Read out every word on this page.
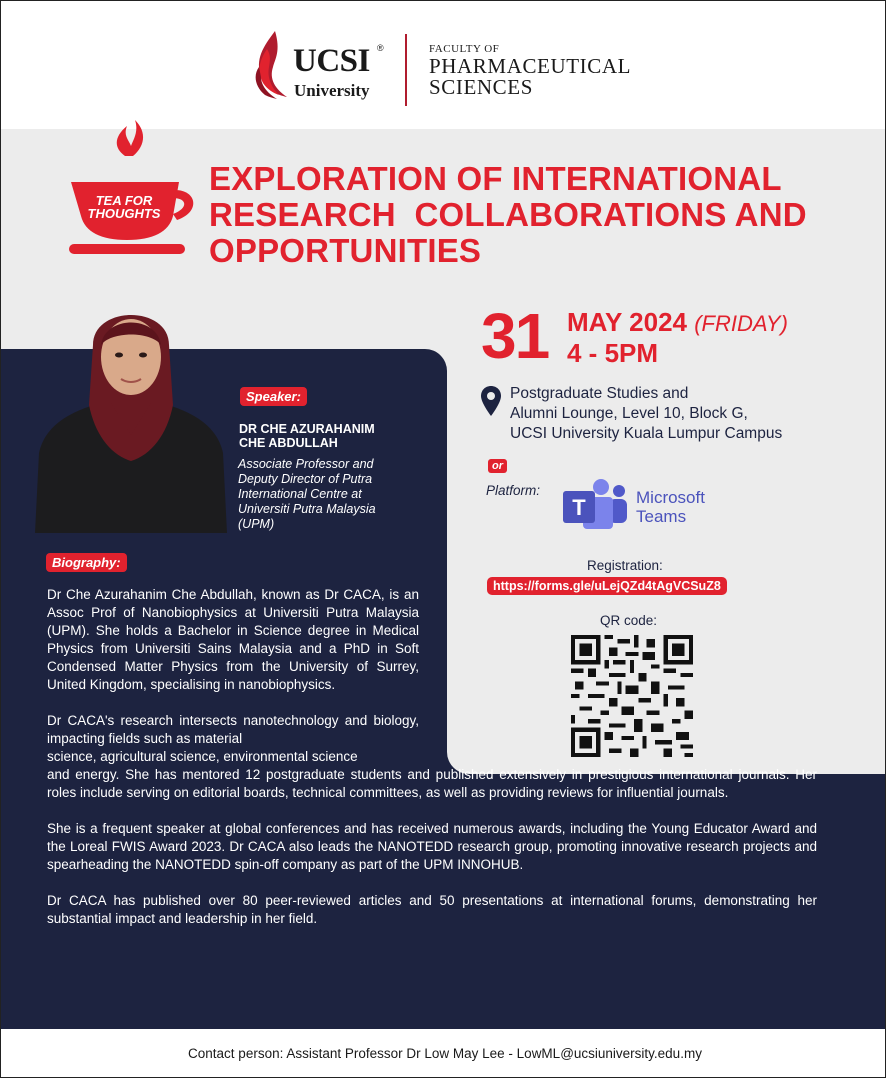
UCSI ®
University
FACULTY OF
PHARMACEUTICAL
SCIENCES
TEA FOR
THOUGHTS
EXPLORATION OF INTERNATIONAL
RESEARCH  COLLABORATIONS AND
OPPORTUNITIES
Speaker:
DR CHE AZURAHANIM
CHE ABDULLAH
Associate Professor and
Deputy Director of Putra
International Centre at
Universiti Putra Malaysia
(UPM)
Biography:

Dr Che Azurahanim Che Abdullah, known as Dr CACA, is an Assoc Prof of Nanobiophysics at Universiti Putra Malaysia (UPM). She holds a Bachelor in Science degree in Medical Physics from Universiti Sains Malaysia and a PhD in Soft Condensed Matter Physics from the University of Surrey, United Kingdom, specialising in nanobiophysics.

Dr CACA's research intersects nanotechnology and biology, impacting fields such as material

science, agricultural science, environmental science

and energy. She has mentored 12 postgraduate students and published extensively in prestigious international journals. Her roles include serving on editorial boards, technical committees, as well as providing reviews for influential journals.

She is a frequent speaker at global conferences and has received numerous awards, including the Young Educator Award and the Loreal FWIS Award 2023. Dr CACA also leads the NANOTEDD research group, promoting innovative research projects and spearheading the NANOTEDD spin-off company as part of the UPM INNOHUB.

Dr CACA has published over 80 peer-reviewed articles and 50 presentations at international forums, demonstrating her substantial impact and leadership in her field.

31 MAY 2024 (FRIDAY)
4 - 5PM
Postgraduate Studies and
Alumni Lounge, Level 10, Block G,
UCSI University Kuala Lumpur Campus
or
Platform:
T	Microsoft
Teams
Registration:
https://forms.gle/uLejQZd4tAgVCSuZ8
QR code:
Contact person: Assistant Professor Dr Low May Lee - LowML@ucsiuniversity.edu.my
